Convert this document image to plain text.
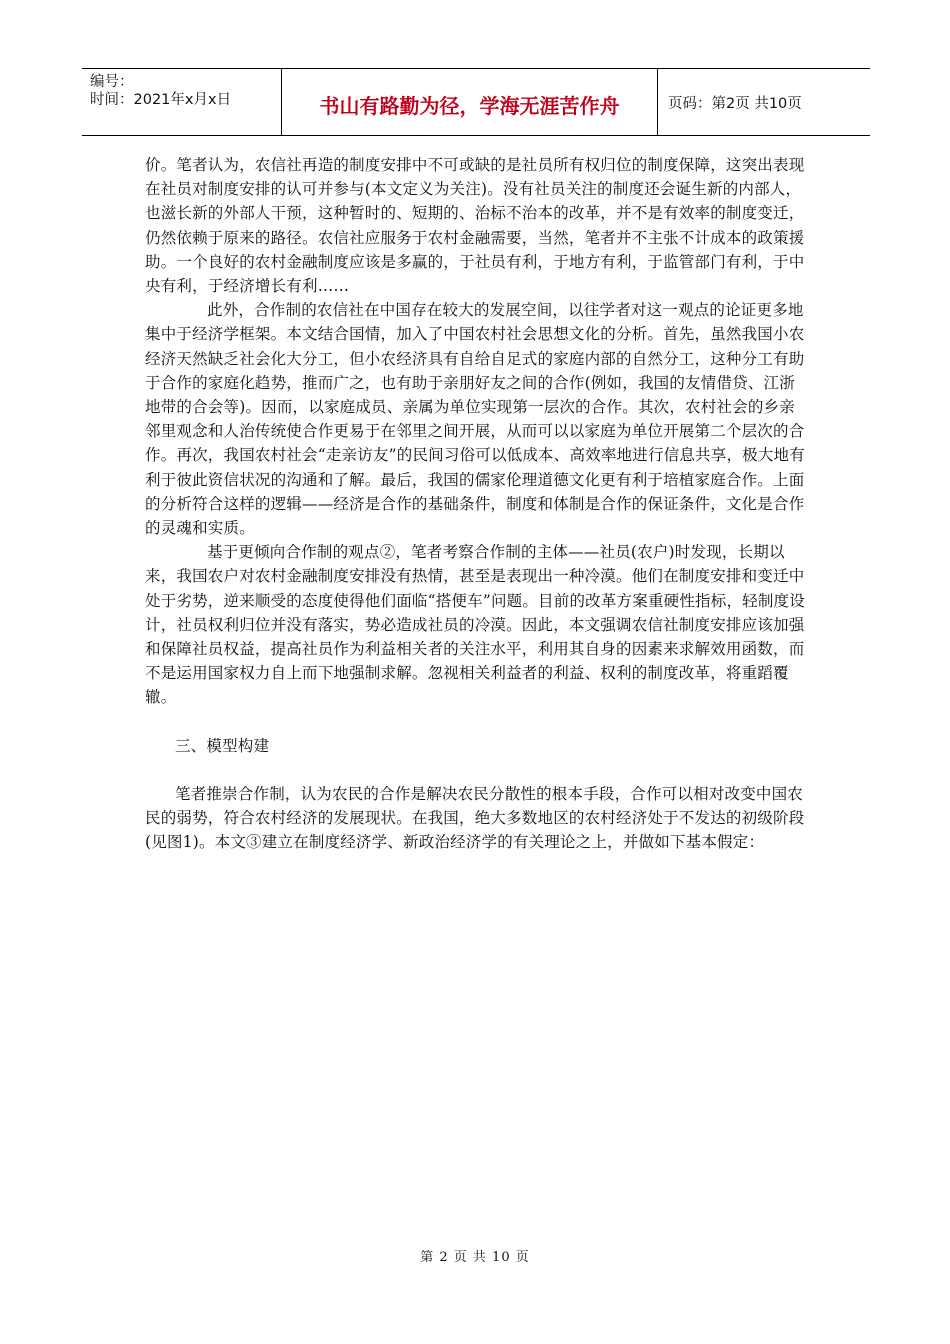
编号：
时间：2021年x月x日	书山有路勤为径，学海无涯苦作舟	页码：第2页 共10页

价。笔者认为，农信社再造的制度安排中不可或缺的是社员所有权归位的制度保障，这突出表现在社员对制度安排的认可并参与(本文定义为关注)。没有社员关注的制度还会诞生新的内部人，也滋长新的外部人干预，这种暂时的、短期的、治标不治本的改革，并不是有效率的制度变迁，仍然依赖于原来的路径。农信社应服务于农村金融需要，当然，笔者并不主张不计成本的政策援助。一个良好的农村金融制度应该是多赢的，于社员有利，于地方有利，于监管部门有利，于中央有利，于经济增长有利……

此外，合作制的农信社在中国存在较大的发展空间，以往学者对这一观点的论证更多地集中于经济学框架。本文结合国情，加入了中国农村社会思想文化的分析。首先，虽然我国小农经济天然缺乏社会化大分工，但小农经济具有自给自足式的家庭内部的自然分工，这种分工有助于合作的家庭化趋势，推而广之，也有助于亲朋好友之间的合作(例如，我国的友情借贷、江浙地带的合会等)。因而，以家庭成员、亲属为单位实现第一层次的合作。其次，农村社会的乡亲邻里观念和人治传统使合作更易于在邻里之间开展，从而可以以家庭为单位开展第二个层次的合作。再次，我国农村社会“走亲访友”的民间习俗可以低成本、高效率地进行信息共享，极大地有利于彼此资信状况的沟通和了解。最后，我国的儒家伦理道德文化更有利于培植家庭合作。上面的分析符合这样的逻辑——经济是合作的基础条件，制度和体制是合作的保证条件，文化是合作的灵魂和实质。

基于更倾向合作制的观点②，笔者考察合作制的主体——社员(农户)时发现，长期以来，我国农户对农村金融制度安排没有热情，甚至是表现出一种冷漠。他们在制度安排和变迁中处于劣势，逆来顺受的态度使得他们面临“搭便车”问题。目前的改革方案重硬性指标，轻制度设计，社员权利归位并没有落实，势必造成社员的冷漠。因此，本文强调农信社制度安排应该加强和保障社员权益，提高社员作为利益相关者的关注水平，利用其自身的因素来求解效用函数，而不是运用国家权力自上而下地强制求解。忽视相关利益者的利益、权利的制度改革，将重蹈覆辙。

三、模型构建

笔者推崇合作制，认为农民的合作是解决农民分散性的根本手段，合作可以相对改变中国农民的弱势，符合农村经济的发展现状。在我国，绝大多数地区的农村经济处于不发达的初级阶段(见图1)。本文③建立在制度经济学、新政治经济学的有关理论之上，并做如下基本假定：

第 2 页 共 10 页
